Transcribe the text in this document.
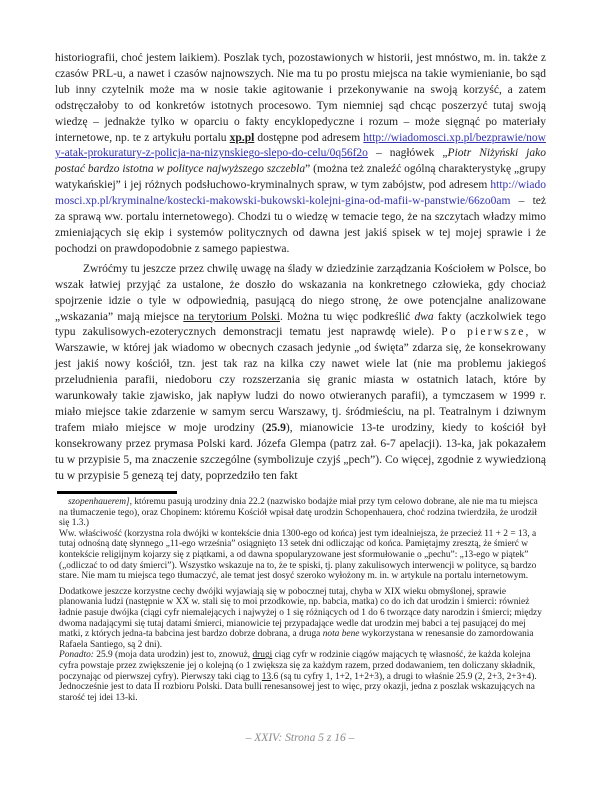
historiografii, choć jestem laikiem). Poszlak tych, pozostawionych w historii, jest mnóstwo, m. in. także z czasów PRL-u, a nawet i czasów najnowszych. Nie ma tu po prostu miejsca na takie wymienianie, bo sąd lub inny czytelnik może ma w nosie takie agitowanie i przekonywanie na swoją korzyść, a zatem odstręczałoby to od konkretów istotnych procesowo. Tym niemniej sąd chcąc poszerzyć tutaj swoją wiedzę – jednakże tylko w oparciu o fakty encyklopedyczne i rozum – może sięgnąć po materiały internetowe, np. te z artykułu portalu xp.pl dostępne pod adresem http://wiadomosci.xp.pl/bezprawie/nowy-atak-prokuratury-z-policja-na-nizynskiego-slepo-do-celu/0q56f2o – nagłówek „Piotr Niżyński jako postać bardzo istotna w polityce najwyższego szczebla” (można też znaleźć ogólną charakterystykę „grupy watykańskiej” i jej różnych podsłuchowo-kryminalnych spraw, w tym zabójstw, pod adresem http://wiadomosci.xp.pl/kryminalne/kostecki-makowski-bukowski-kolejni-gina-od-mafii-w-panstwie/66zo0am – też za sprawą ww. portalu internetowego). Chodzi tu o wiedzę w temacie tego, że na szczytach władzy mimo zmieniających się ekip i systemów politycznych od dawna jest jakiś spisek w tej mojej sprawie i że pochodzi on prawdopodobnie z samego papiestwa.

Zwróćmy tu jeszcze przez chwilę uwagę na ślady w dziedzinie zarządzania Kościołem w Polsce, bo wszak łatwiej przyjąć za ustalone, że doszło do wskazania na konkretnego człowieka, gdy chociaż spojrzenie idzie o tyle w odpowiednią, pasującą do niego stronę, że owe potencjalne analizowane „wskazania” mają miejsce na terytorium Polski. Można tu więc podkreślić dwa fakty (aczkolwiek tego typu zakulisowych-ezoterycznych demonstracji tematu jest naprawdę wiele). Po pierwsze, w Warszawie, w której jak wiadomo w obecnych czasach jedynie „od święta” zdarza się, że konsekrowany jest jakiś nowy kościół, tzn. jest tak raz na kilka czy nawet wiele lat (nie ma problemu jakiegoś przeludnienia parafii, niedoboru czy rozszerzania się granic miasta w ostatnich latach, które by warunkowały takie zjawisko, jak napływ ludzi do nowo otwieranych parafii), a tymczasem w 1999 r. miało miejsce takie zdarzenie w samym sercu Warszawy, tj. śródmieściu, na pl. Teatralnym i dziwnym trafem miało miejsce w moje urodziny (25.9), mianowicie 13-te urodziny, kiedy to kościół był konsekrowany przez prymasa Polski kard. Józefa Glempa (patrz zał. 6-7 apelacji). 13-ka, jak pokazałem tu w przypisie 5, ma znaczenie szczególne (symbolizuje czyjś „pech”). Co więcej, zgodnie z wywiedzioną tu w przypisie 5 genezą tej daty, poprzedziło ten fakt

szopenhauerem], któremu pasują urodziny dnia 22.2 (nazwisko bodajże miał przy tym celowo dobrane, ale nie ma tu miejsca na tłumaczenie tego), oraz Chopinem: któremu Kościół wpisał datę urodzin Schopenhauera, choć rodzina twierdziła, że urodził się 1.3.)

Ww. właściwość (korzystna rola dwójki w kontekście dnia 1300-ego od końca) jest tym idealniejsza, że przecież 11 + 2 = 13, a tutaj odnośną datę słynnego „11-ego września” osiągnięto 13 setek dni odliczając od końca. Pamiętajmy zresztą, że śmierć w kontekście religijnym kojarzy się z piątkami, a od dawna spopularyzowane jest sformułowanie o „pechu”: „13-ego w piątek” („odliczać to od daty śmierci”). Wszystko wskazuje na to, że te spiski, tj. plany zakulisowych interwencji w polityce, są bardzo stare. Nie mam tu miejsca tego tłumaczyć, ale temat jest dosyć szeroko wyłożony m. in. w artykule na portalu internetowym.

Dodatkowe jeszcze korzystne cechy dwójki wyjawiają się w pobocznej tutaj, chyba w XIX wieku obmyślonej, sprawie planowania ludzi (następnie w XX w. stali się to moi przodkowie, np. babcia, matka) co do ich dat urodzin i śmierci: również ładnie pasuje dwójka (ciągi cyfr niemalejących i najwyżej o 1 się różniących od 1 do 6 tworzące daty narodzin i śmierci; między dwoma nadającymi się tutaj datami śmierci, mianowicie tej przypadające wedle dat urodzin mej babci a tej pasującej do mej matki, z których jedna-ta babcina jest bardzo dobrze dobrana, a druga nota bene wykorzystana w renesansie do zamordowania Rafaela Santiego, są 2 dni).

Ponadto: 25.9 (moja data urodzin) jest to, znowuż, drugi ciąg cyfr w rodzinie ciągów mających tę własność, że każda kolejna cyfra powstaje przez zwiększenie jej o kolejną (o 1 zwiększa się za każdym razem, przed dodawaniem, ten doliczany składnik, poczynając od pierwszej cyfry). Pierwszy taki ciąg to 13.6 (są tu cyfry 1, 1+2, 1+2+3), a drugi to właśnie 25.9 (2, 2+3, 2+3+4). Jednocześnie jest to data II rozbioru Polski. Data bulli renesansowej jest to więc, przy okazji, jedna z poszlak wskazujących na starość tej idei 13-ki.

– XXIV: Strona 5 z 16 –
